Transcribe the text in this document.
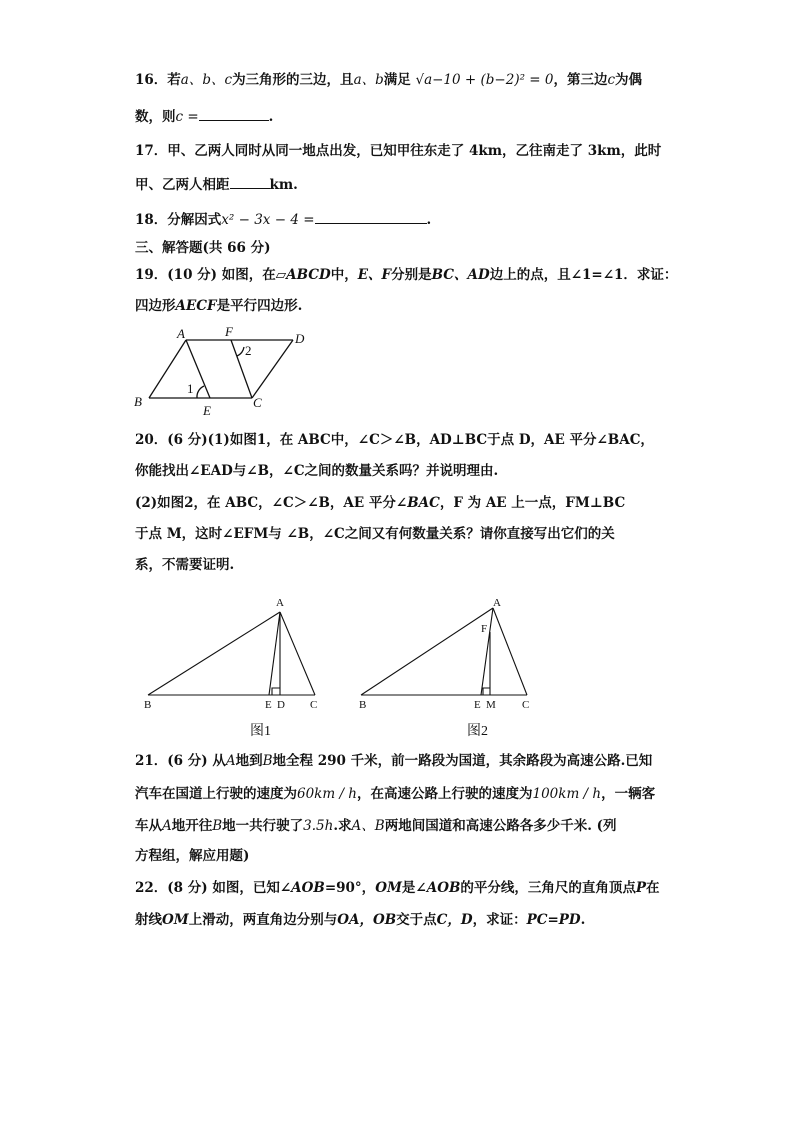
16．若a、b、c为三角形的三边，且a、b满足 √a−10 + (b−2)² = 0，第三边c为偶
数，则c =	.
17．甲、乙两人同时从同一地点出发，已知甲往东走了 4km，乙往南走了 3km，此时
甲、乙两人相距	km.
18．分解因式x² − 3x − 4 =	.
三、解答题(共 66 分)
19．(10 分) 如图，在▱ABCD中，E、F分别是BC、AD边上的点，且∠1=∠1．求证：
四边形AECF是平行四边形.
A	F	D
B
E
C
1
2
20．(6 分)(1)如图1，在 ABC中，∠C＞∠B，AD⊥BC于点 D，AE 平分∠BAC，
你能找出∠EAD与∠B，∠C之间的数量关系吗？并说明理由.
(2)如图2，在 ABC，∠C＞∠B，AE 平分∠BAC，F 为 AE 上一点，FM⊥BC
于点 M，这时∠EFM与 ∠B，∠C之间又有何数量关系？请你直接写出它们的关
系，不需要证明.
A
B	E D C
图1
A
F
B	E M C
图2
21．(6 分) 从A地到B地全程 290 千米，前一路段为国道，其余路段为高速公路.已知
汽车在国道上行驶的速度为60km / h，在高速公路上行驶的速度为100km / h，一辆客
车从A地开往B地一共行驶了3.5h.求A、B两地间国道和高速公路各多少千米. (列
方程组，解应用题)
22．(8 分) 如图，已知∠AOB=90°，OM是∠AOB的平分线，三角尺的直角顶点P在
射线OM上滑动，两直角边分别与OA，OB交于点C，D，求证：PC=PD.
